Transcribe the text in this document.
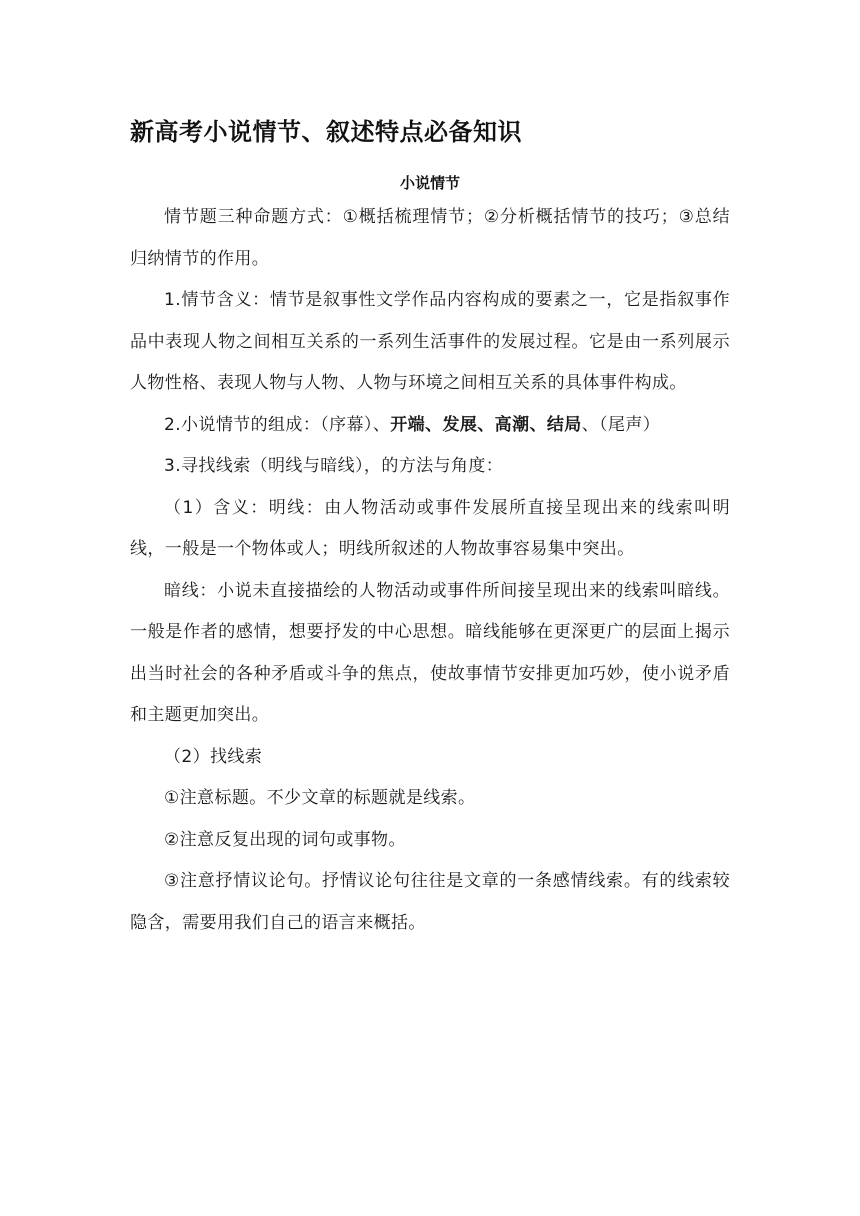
新高考小说情节、叙述特点必备知识
小说情节

情节题三种命题方式：①概括梳理情节；②分析概括情节的技巧；③总结归纳情节的作用。

1.情节含义：情节是叙事性文学作品内容构成的要素之一，它是指叙事作品中表现人物之间相互关系的一系列生活事件的发展过程。它是由一系列展示人物性格、表现人物与人物、人物与环境之间相互关系的具体事件构成。

2.小说情节的组成：（序幕）、开端、发展、高潮、结局、（尾声）

3.寻找线索（明线与暗线），的方法与角度：

（1）含义：明线：由人物活动或事件发展所直接呈现出来的线索叫明线，一般是一个物体或人；明线所叙述的人物故事容易集中突出。

暗线：小说未直接描绘的人物活动或事件所间接呈现出来的线索叫暗线。一般是作者的感情，想要抒发的中心思想。暗线能够在更深更广的层面上揭示出当时社会的各种矛盾或斗争的焦点，使故事情节安排更加巧妙，使小说矛盾和主题更加突出。

（2）找线索

①注意标题。不少文章的标题就是线索。

②注意反复出现的词句或事物。

③注意抒情议论句。抒情议论句往往是文章的一条感情线索。有的线索较隐含，需要用我们自己的语言来概括。
